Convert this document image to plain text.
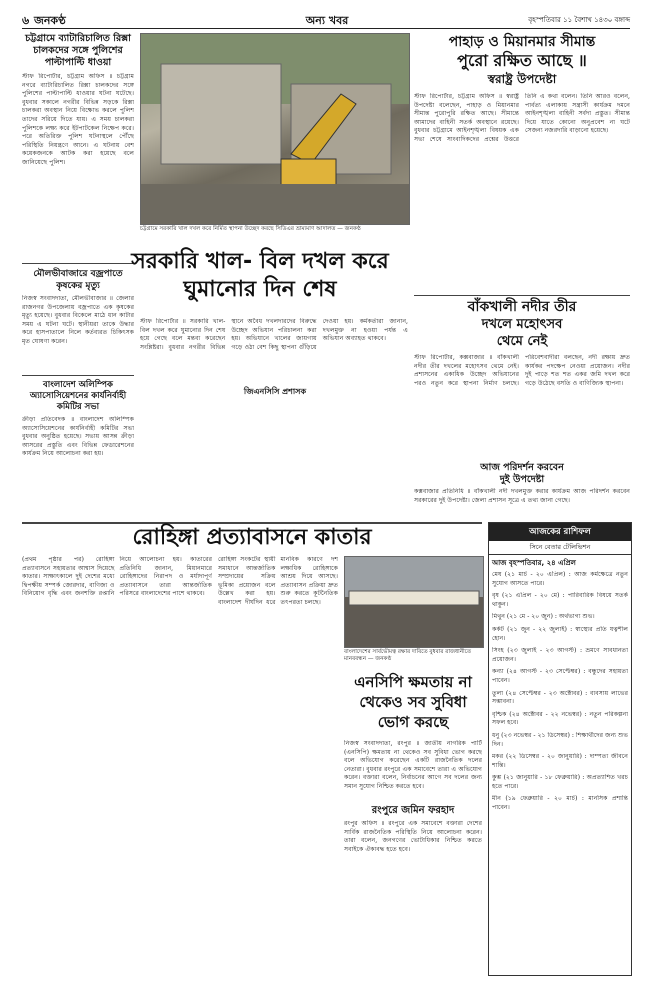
৬ জনকণ্ঠ	অন্য খবর	বৃহস্পতিবার ১১ বৈশাখ ১৪৩০ বঙ্গাব্দ
চট্টগ্রামে ব্যাটারিচালিত রিক্সা চালকদের সঙ্গে পুলিশের পাল্টাপাল্টি ধাওয়া
স্টাফ রিপোর্টার, চট্টগ্রাম অফিস ॥ চট্টগ্রাম নগরে ব্যাটারিচালিত রিক্সা চালকদের সঙ্গে পুলিশের পাল্টাপাল্টি ধাওয়ার ঘটনা ঘটেছে। বুধবার সকালে নগরীর বিভিন্ন সড়কে রিক্সা চালকরা অবস্থান নিয়ে বিক্ষোভ করলে পুলিশ তাদের সরিয়ে দিতে যায়। এ সময় চালকরা পুলিশকে লক্ষ্য করে ইটপাটকেল নিক্ষেপ করে। পরে অতিরিক্ত পুলিশ ঘটনাস্থলে পৌঁছে পরিস্থিতি নিয়ন্ত্রণে আনে। এ ঘটনায় বেশ কয়েকজনকে আটক করা হয়েছে বলে জানিয়েছে পুলিশ।
মৌলভীবাজারে বজ্রপাতে কৃষকের মৃত্যু
নিজস্ব সংবাদদাতা, মৌলভীবাজার ॥ জেলার রাজনগর উপজেলায় বজ্রপাতে এক কৃষকের মৃত্যু হয়েছে। বুধবার বিকেলে মাঠে ধান কাটার সময় এ ঘটনা ঘটে। স্থানীয়রা তাকে উদ্ধার করে হাসপাতালে নিলে কর্তব্যরত চিকিৎসক মৃত ঘোষণা করেন।
বাংলাদেশ অলিম্পিক অ্যাসোসিয়েশনের কার্যনির্বাহী কমিটির সভা
ক্রীড়া প্রতিবেদক ॥ বাংলাদেশ অলিম্পিক অ্যাসোসিয়েশনের কার্যনির্বাহী কমিটির সভা বুধবার অনুষ্ঠিত হয়েছে। সভায় আসন্ন ক্রীড়া আসরের প্রস্তুতি এবং বিভিন্ন ফেডারেশনের কার্যক্রম নিয়ে আলোচনা করা হয়।
চট্টগ্রামে সরকারি খাল দখল করে নির্মিত স্থাপনা উচ্ছেদ করছে সিডিএর ভ্রাম্যমাণ আদালত — জনকণ্ঠ
পাহাড় ও মিয়ানমার সীমান্ত
পুরো রক্ষিত আছে ॥
স্বরাষ্ট্র উপদেষ্টা
স্টাফ রিপোর্টার, চট্টগ্রাম অফিস ॥ স্বরাষ্ট্র উপদেষ্টা বলেছেন, পাহাড় ও মিয়ানমার সীমান্ত পুরোপুরি রক্ষিত আছে। সীমান্তে আমাদের বাহিনী সতর্ক অবস্থানে রয়েছে। বুধবার চট্টগ্রামে আইনশৃঙ্খলা বিষয়ক এক সভা শেষে সাংবাদিকদের প্রশ্নের উত্তরে তিনি এ কথা বলেন। তিনি আরও বলেন, পার্বত্য এলাকায় সন্ত্রাসী কার্যক্রম দমনে আইনশৃঙ্খলা বাহিনী সর্বদা প্রস্তুত। সীমান্ত দিয়ে যাতে কোনো অনুপ্রবেশ না ঘটে সেজন্য নজরদারি বাড়ানো হয়েছে।
সরকারি খাল- বিল দখল করে
ঘুমানোর দিন শেষ
স্টাফ রিপোর্টার ॥ সরকারি খাল-বিল দখল করে ঘুমানোর দিন শেষ হয়ে গেছে বলে মন্তব্য করেছেন সংশ্লিষ্টরা। বুধবার নগরীর বিভিন্ন স্থানে অবৈধ দখলদারদের বিরুদ্ধে উচ্ছেদ অভিযান পরিচালনা করা হয়। অভিযানে খালের জায়গায় গড়ে ওঠা বেশ কিছু স্থাপনা গুঁড়িয়ে দেওয়া হয়। কর্মকর্তারা জানান, দখলমুক্ত না হওয়া পর্যন্ত এ অভিযান অব্যাহত থাকবে।
জিএনসিসি প্রশাসক
বাঁকখালী নদীর তীর
দখলে মহোৎসব
থেমে নেই
স্টাফ রিপোর্টার, কক্সবাজার ॥ বাঁকখালী নদীর তীর দখলের মহোৎসব থেমে নেই। প্রশাসনের একাধিক উচ্ছেদ অভিযানের পরও নতুন করে স্থাপনা নির্মাণ চলছে। পরিবেশবাদীরা বলছেন, নদী রক্ষায় দ্রুত কার্যকর পদক্ষেপ নেওয়া প্রয়োজন। নদীর দুই পাড়ে শত শত একর জমি দখল করে গড়ে উঠেছে বসতি ও বাণিজ্যিক স্থাপনা।
আজ পরিদর্শন করবেন
দুই উপদেষ্টা
কক্সবাজার প্রতিনিধি ॥ বাঁকখালী নদী দখলমুক্ত করার কার্যক্রম আজ পরিদর্শন করবেন সরকারের দুই উপদেষ্টা। জেলা প্রশাসন সূত্রে এ তথ্য জানা গেছে।
রোহিঙ্গা প্রত্যাবাসনে কাতার
(প্রথম পৃষ্ঠার পর) রোহিঙ্গা প্রত্যাবাসনে সহায়তার আশ্বাস দিয়েছে কাতার। সাক্ষাৎকালে দুই দেশের মধ্যে দ্বিপক্ষীয় সম্পর্ক জোরদার, বাণিজ্য ও বিনিয়োগ বৃদ্ধি এবং জনশক্তি রপ্তানি নিয়ে আলোচনা হয়। কাতারের প্রতিনিধি জানান, মিয়ানমারে রোহিঙ্গাদের নিরাপদ ও মর্যাদাপূর্ণ প্রত্যাবাসনে তারা আন্তর্জাতিক পরিসরে বাংলাদেশের পাশে থাকবে।
রোহিঙ্গা সংকটের স্থায়ী সমাধানে আন্তর্জাতিক সম্প্রদায়ের সক্রিয় ভূমিকা প্রয়োজন বলে উল্লেখ করা হয়। বাংলাদেশ দীর্ঘদিন ধরে মানবিক কারণে দশ লক্ষাধিক রোহিঙ্গাকে আশ্রয় দিয়ে আসছে। প্রত্যাবাসন প্রক্রিয়া দ্রুত শুরু করতে কূটনৈতিক তৎপরতা চলছে।
বাংলাদেশের সার্বভৌমত্ব রক্ষার দাবিতে বুধবার রাজধানীতে মানববন্ধন — জনকণ্ঠ
এনসিপি ক্ষমতায় না
থেকেও সব সুবিধা
ভোগ করছে
নিজস্ব সংবাদদাতা, রংপুর ॥ জাতীয় নাগরিক পার্টি (এনসিপি) ক্ষমতায় না থেকেও সব সুবিধা ভোগ করছে বলে অভিযোগ করেছেন একটি রাজনৈতিক দলের নেতারা। বুধবার রংপুরে এক সমাবেশে তারা এ অভিযোগ করেন। বক্তারা বলেন, নির্বাচনের আগে সব দলের জন্য সমান সুযোগ নিশ্চিত করতে হবে।
রংপুরে জমিন ফরহাদ
রংপুর অফিস ॥ রংপুরে এক সমাবেশে বক্তারা দেশের সার্বিক রাজনৈতিক পরিস্থিতি নিয়ে আলোচনা করেন। তারা বলেন, জনগণের ভোটাধিকার নিশ্চিত করতে সবাইকে ঐক্যবদ্ধ হতে হবে।
আজকের রাশিফল
সিনে বেতার টেলিভিশন
আজ বৃহস্পতিবার, ২৪ এপ্রিল
মেষ (২১ মার্চ - ২০ এপ্রিল) : আজ কর্মক্ষেত্রে নতুন সুযোগ আসতে পারে।
বৃষ (২১ এপ্রিল - ২০ মে) : পারিবারিক বিষয়ে সতর্ক থাকুন।
মিথুন (২১ মে - ২০ জুন) : অর্থভাগ্য শুভ।
কর্কট (২১ জুন - ২২ জুলাই) : স্বাস্থ্যের প্রতি যত্নশীল হোন।
সিংহ (২৩ জুলাই - ২৩ আগস্ট) : ভ্রমণে সাবধানতা প্রয়োজন।
কন্যা (২৪ আগস্ট - ২৩ সেপ্টেম্বর) : বন্ধুদের সহায়তা পাবেন।
তুলা (২৪ সেপ্টেম্বর - ২৩ অক্টোবর) : ব্যবসায় লাভের সম্ভাবনা।
বৃশ্চিক (২৪ অক্টোবর - ২২ নভেম্বর) : নতুন পরিকল্পনা সফল হবে।
ধনু (২৩ নভেম্বর - ২১ ডিসেম্বর) : শিক্ষার্থীদের জন্য শুভ দিন।
মকর (২২ ডিসেম্বর - ২০ জানুয়ারি) : দাম্পত্য জীবনে শান্তি।
কুম্ভ (২১ জানুয়ারি - ১৮ ফেব্রুয়ারি) : অপ্রত্যাশিত খরচ হতে পারে।
মীন (১৯ ফেব্রুয়ারি - ২০ মার্চ) : মানসিক প্রশান্তি পাবেন।
